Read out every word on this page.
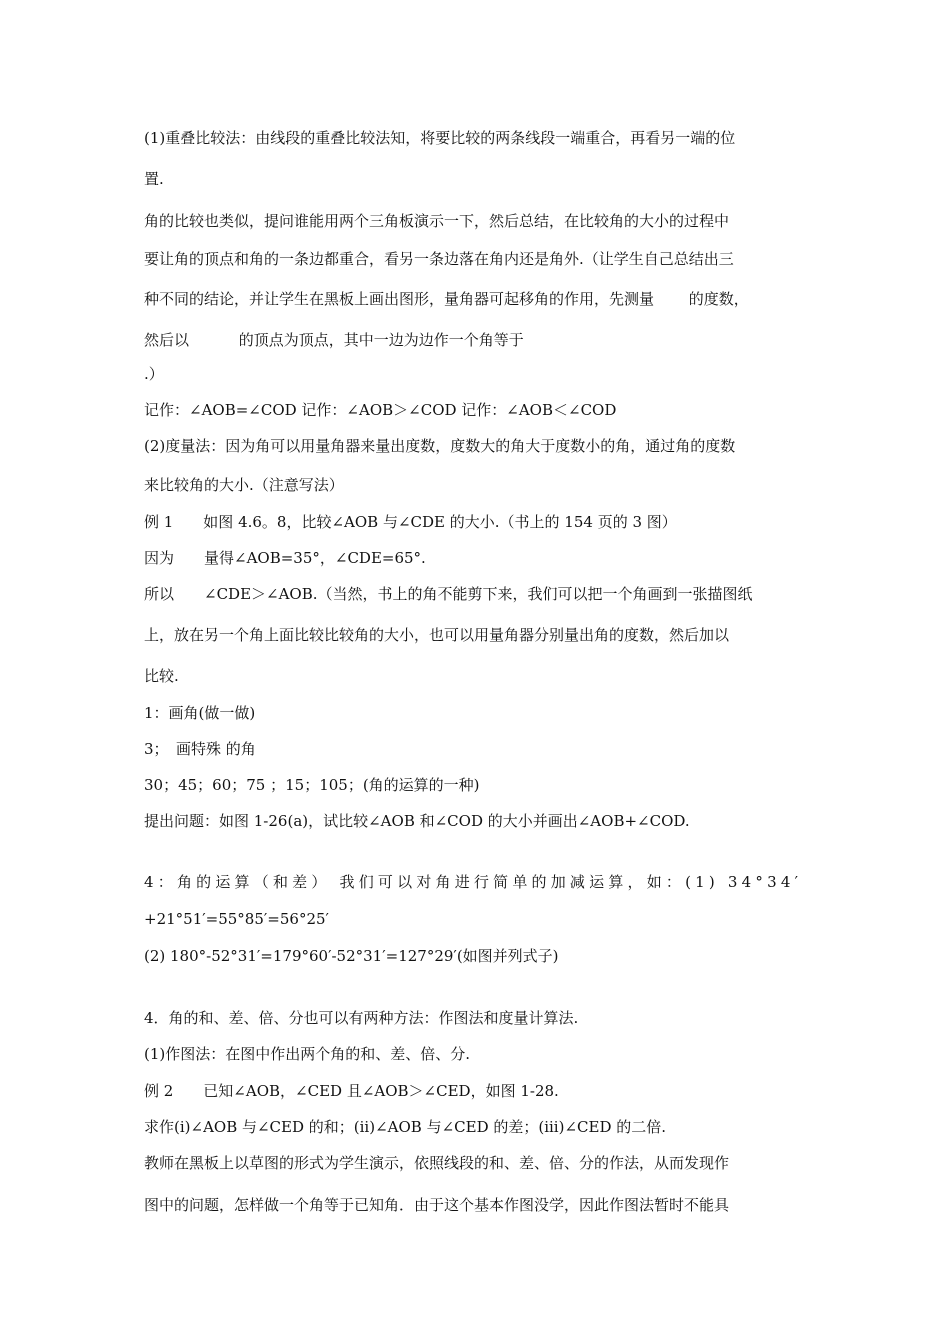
(1)重叠比较法：由线段的重叠比较法知，将要比较的两条线段一端重合，再看另一端的位
置.
角的比较也类似，提问谁能用两个三角板演示一下，然后总结，在比较角的大小的过程中
要让角的顶点和角的一条边都重合，看另一条边落在角内还是角外.（让学生自己总结出三
种不同的结论，并让学生在黑板上画出图形，量角器可起移角的作用，先测量　　 的度数，
然后以　　　 的顶点为顶点，其中一边为边作一个角等于
.）
记作：∠AOB=∠COD 记作：∠AOB＞∠COD 记作：∠AOB＜∠COD
(2)度量法：因为角可以用量角器来量出度数，度数大的角大于度数小的角，通过角的度数
来比较角的大小.（注意写法）
例 1　　如图 4.6。8，比较∠AOB 与∠CDE 的大小.（书上的 154 页的 3 图）
因为　　量得∠AOB=35°，∠CDE=65°.
所以　　∠CDE＞∠AOB.（当然，书上的角不能剪下来，我们可以把一个角画到一张描图纸
上，放在另一个角上面比较比较角的大小，也可以用量角器分别量出角的度数，然后加以
比较.
1：画角(做一做)
3；　画特殊 的角
30；45；60；75 ；15；105；(角的运算的一种)
提出问题：如图 1-26(a)，试比较∠AOB 和∠COD 的大小并画出∠AOB+∠COD.
4：角的运算（和差） 我们可以对角进行简单的加减运算，如：(1) 34°34′
+21°51′=55°85′=56°25′
(2) 180°-52°31′=179°60′-52°31′=127°29′(如图并列式子)
4．角的和、差、倍、分也可以有两种方法：作图法和度量计算法.
(1)作图法：在图中作出两个角的和、差、倍、分.
例 2　　已知∠AOB，∠CED 且∠AOB＞∠CED，如图 1-28.
求作(i)∠AOB 与∠CED 的和；(ii)∠AOB 与∠CED 的差；(iii)∠CED 的二倍.
教师在黑板上以草图的形式为学生演示，依照线段的和、差、倍、分的作法，从而发现作
图中的问题，怎样做一个角等于已知角．由于这个基本作图没学，因此作图法暂时不能具
